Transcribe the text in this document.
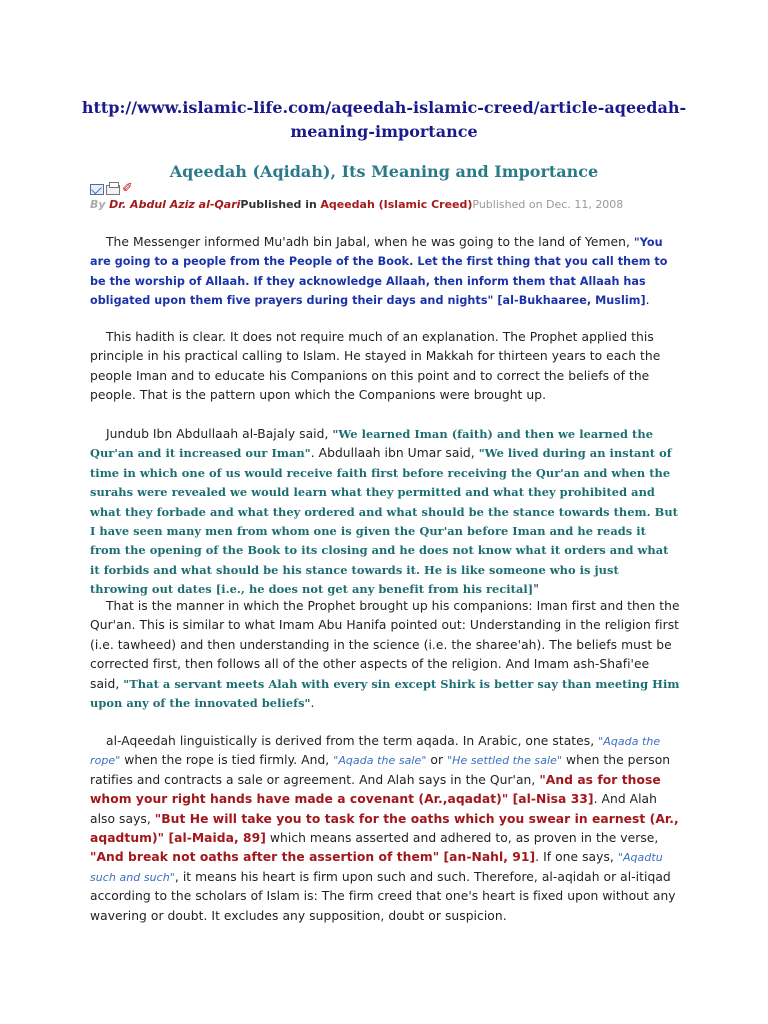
http://www.islamic-life.com/aqeedah-islamic-creed/article-aqeedah-meaning-importance
Aqeedah (Aqidah), Its Meaning and Importance
✐
By Dr. Abdul Aziz al-QariPublished in Aqeedah (Islamic Creed)Published on Dec. 11, 2008

The Messenger informed Mu'adh bin Jabal, when he was going to the land of Yemen, "You are going to a people from the People of the Book. Let the first thing that you call them to be the worship of Allaah. If they acknowledge Allaah, then inform them that Allaah has obligated upon them five prayers during their days and nights" [al-Bukhaaree, Muslim].

This hadith is clear. It does not require much of an explanation. The Prophet applied this principle in his practical calling to Islam. He stayed in Makkah for thirteen years to each the people Iman and to educate his Companions on this point and to correct the beliefs of the people. That is the pattern upon which the Companions were brought up.

Jundub Ibn Abdullaah al-Bajaly said, "We learned Iman (faith) and then we learned the Qur'an and it increased our Iman". Abdullaah ibn Umar said, "We lived during an instant of time in which one of us would receive faith first before receiving the Qur'an and when the surahs were revealed we would learn what they permitted and what they prohibited and what they forbade and what they ordered and what should be the stance towards them. But I have seen many men from whom one is given the Qur'an before Iman and he reads it from the opening of the Book to its closing and he does not know what it orders and what it forbids and what should be his stance towards it. He is like someone who is just throwing out dates [i.e., he does not get any benefit from his recital]"

That is the manner in which the Prophet brought up his companions: Iman first and then the Qur'an. This is similar to what Imam Abu Hanifa pointed out: Understanding in the religion first (i.e. tawheed) and then understanding in the science (i.e. the sharee'ah). The beliefs must be corrected first, then follows all of the other aspects of the religion. And Imam ash-Shafi'ee said, "That a servant meets Alah with every sin except Shirk is better say than meeting Him upon any of the innovated beliefs".

al-Aqeedah linguistically is derived from the term aqada. In Arabic, one states, "Aqada the rope" when the rope is tied firmly. And, "Aqada the sale" or "He settled the sale" when the person ratifies and contracts a sale or agreement. And Alah says in the Qur'an, "And as for those whom your right hands have made a covenant (Ar.,aqadat)" [al-Nisa 33]. And Alah also says, "But He will take you to task for the oaths which you swear in earnest (Ar., aqadtum)" [al-Maida, 89] which means asserted and adhered to, as proven in the verse, "And break not oaths after the assertion of them" [an-Nahl, 91]. If one says, "Aqadtu such and such", it means his heart is firm upon such and such. Therefore, al-aqidah or al-itiqad according to the scholars of Islam is: The firm creed that one's heart is fixed upon without any wavering or doubt. It excludes any supposition, doubt or suspicion.
